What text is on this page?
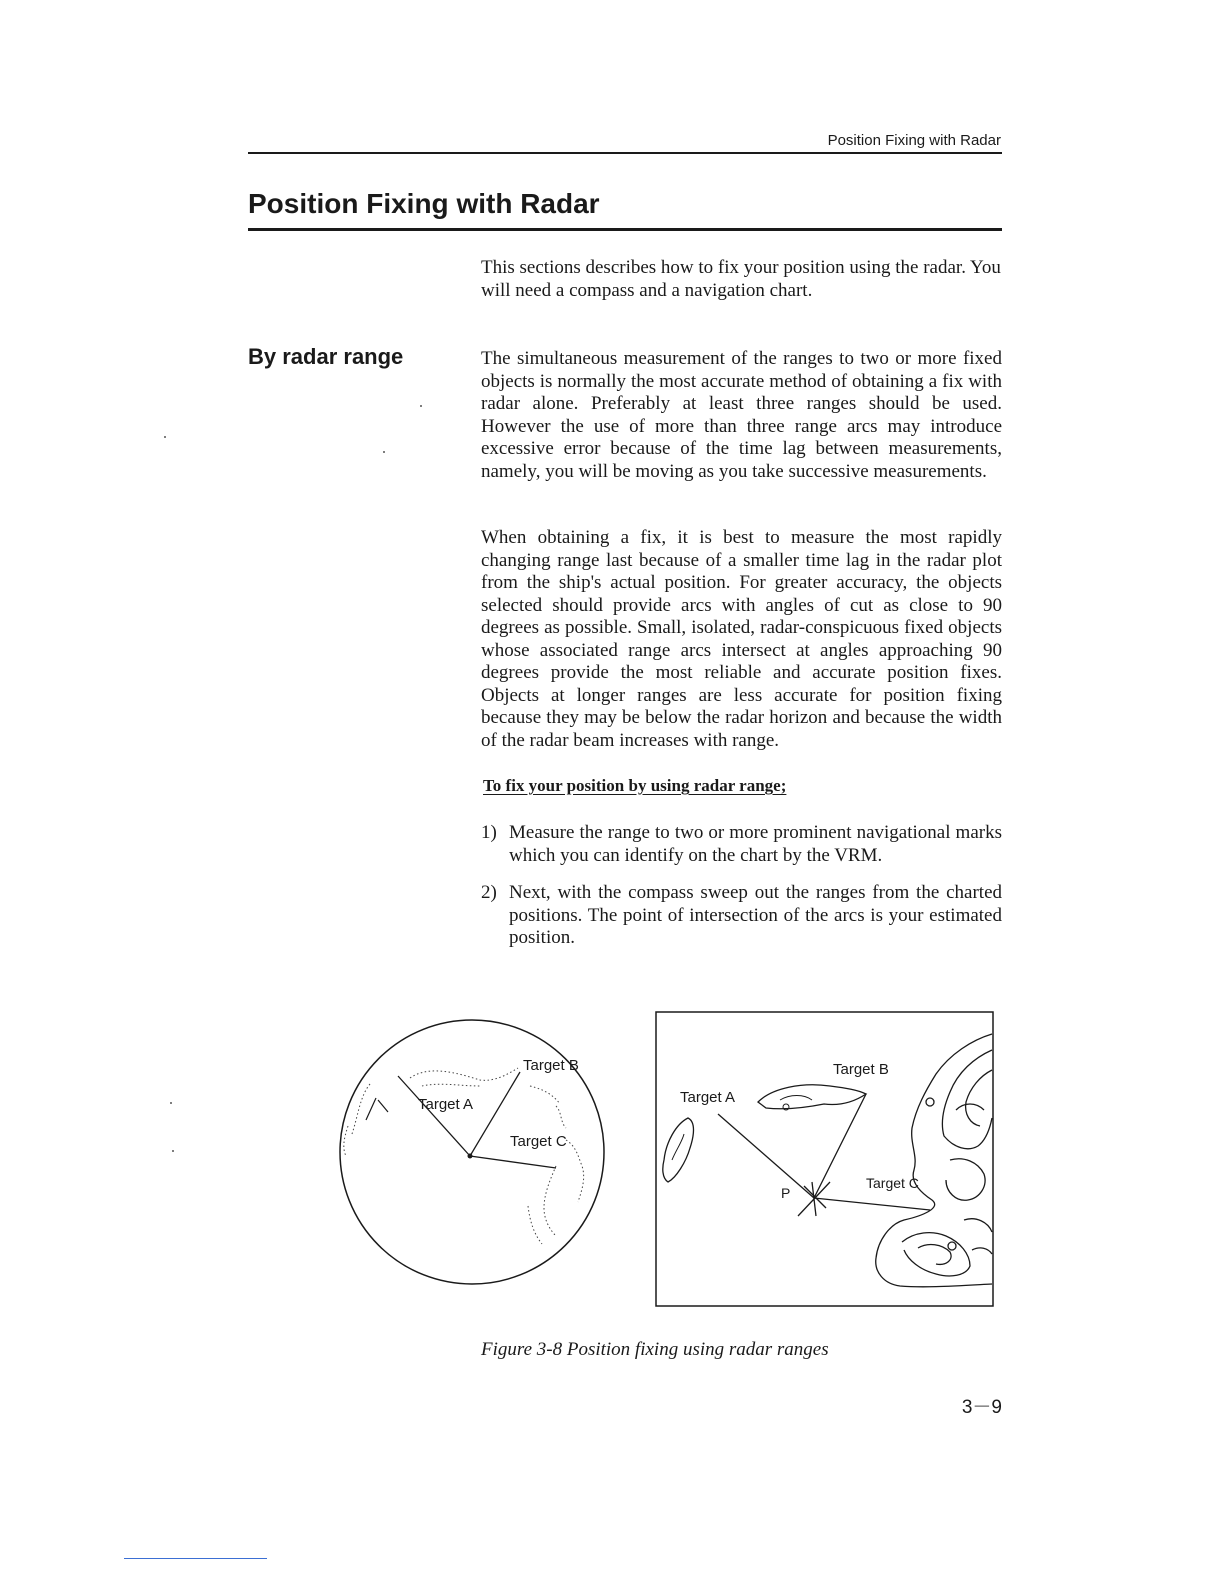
Position Fixing with Radar
Position Fixing with Radar

This sections describes how to fix your position using the radar. You will need a compass and a navigation chart.

By radar range	The simultaneous measurement of the ranges to two or more fixed objects is normally the most accurate method of obtaining a fix with radar alone. Preferably at least three ranges should be used. However the use of more than three range arcs may introduce excessive error because of the time lag between measurements, namely, you will be moving as you take successive measurements.

When obtaining a fix, it is best to measure the most rapidly changing range last because of a smaller time lag in the radar plot from the ship's actual position. For greater accuracy, the objects selected should provide arcs with angles of cut as close to 90 degrees as possible. Small, isolated, radar-conspicuous fixed objects whose associated range arcs intersect at angles approaching 90 degrees provide the most reliable and accurate position fixes. Objects at longer ranges are less accurate for position fixing because they may be below the radar horizon and because the width of the radar beam increases with range.

To fix your position by using radar range;
1) Measure the range to two or more prominent navigational marks which you can identify on the chart by the VRM.
2) Next, with the compass sweep out the ranges from the charted positions. The point of intersection of the arcs is your estimated position.
Target B
Target A
Target C
Target A
Target B
Target C
P
Figure 3-8 Position fixing using radar ranges
3－9
